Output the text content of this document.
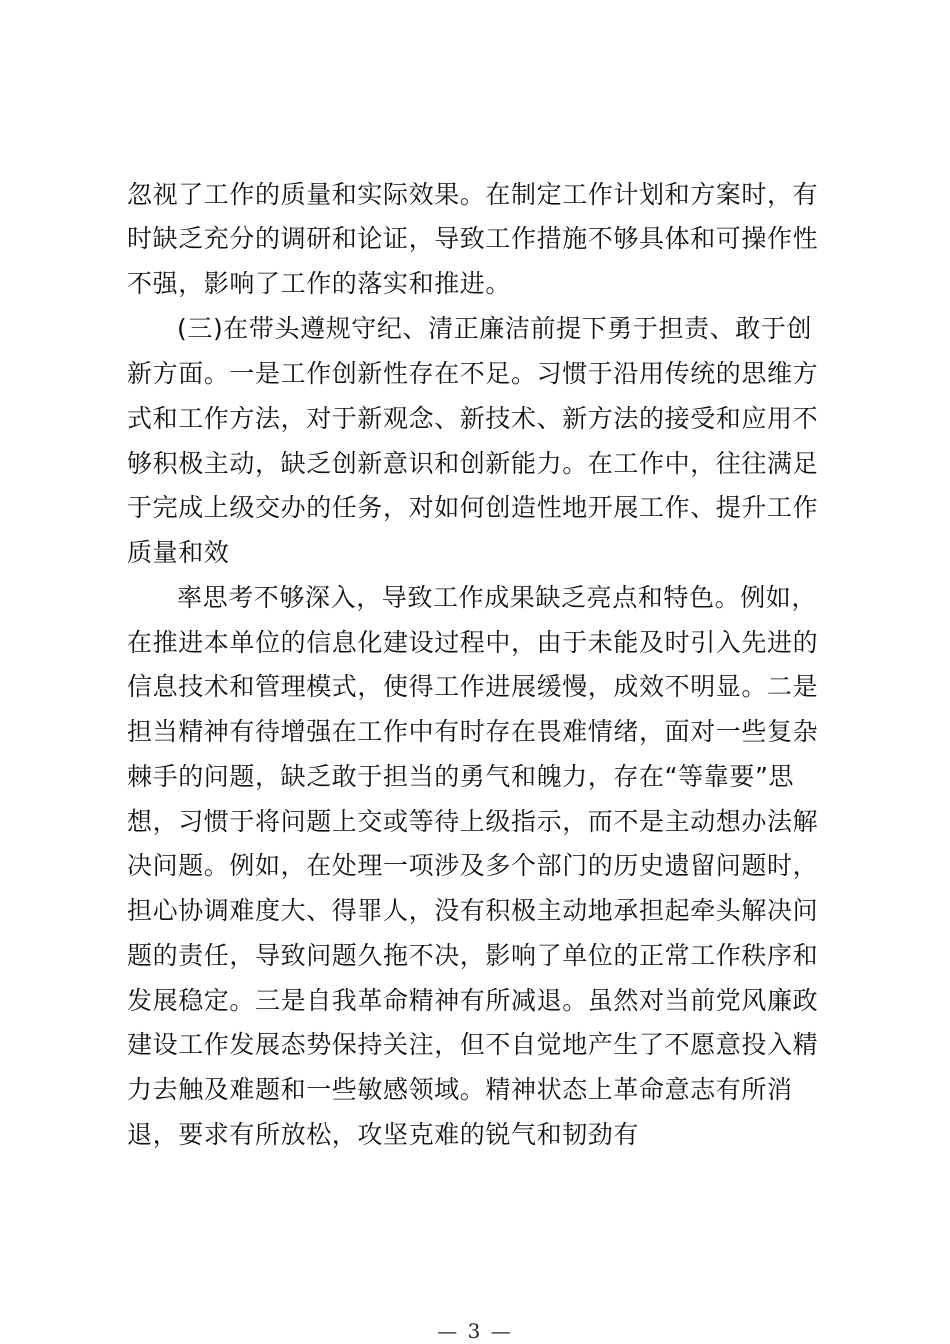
忽视了工作的质量和实际效果。在制定工作计划和方案时，有
时缺乏充分的调研和论证，导致工作措施不够具体和可操作性
不强，影响了工作的落实和推进。
(三)在带头遵规守纪、清正廉洁前提下勇于担责、敢于创
新方面。一是工作创新性存在不足。习惯于沿用传统的思维方
式和工作方法，对于新观念、新技术、新方法的接受和应用不
够积极主动，缺乏创新意识和创新能力。在工作中，往往满足
于完成上级交办的任务，对如何创造性地开展工作、提升工作
质量和效
率思考不够深入，导致工作成果缺乏亮点和特色。例如，
在推进本单位的信息化建设过程中，由于未能及时引入先进的
信息技术和管理模式，使得工作进展缓慢，成效不明显。二是
担当精神有待增强在工作中有时存在畏难情绪，面对一些复杂
棘手的问题，缺乏敢于担当的勇气和魄力，存在“等靠要”思
想，习惯于将问题上交或等待上级指示，而不是主动想办法解
决问题。例如，在处理一项涉及多个部门的历史遗留问题时，
担心协调难度大、得罪人，没有积极主动地承担起牵头解决问
题的责任，导致问题久拖不决，影响了单位的正常工作秩序和
发展稳定。三是自我革命精神有所减退。虽然对当前党风廉政
建设工作发展态势保持关注，但不自觉地产生了不愿意投入精
力去触及难题和一些敏感领域。精神状态上革命意志有所消
退，要求有所放松，攻坚克难的锐气和韧劲有
— 3 —
